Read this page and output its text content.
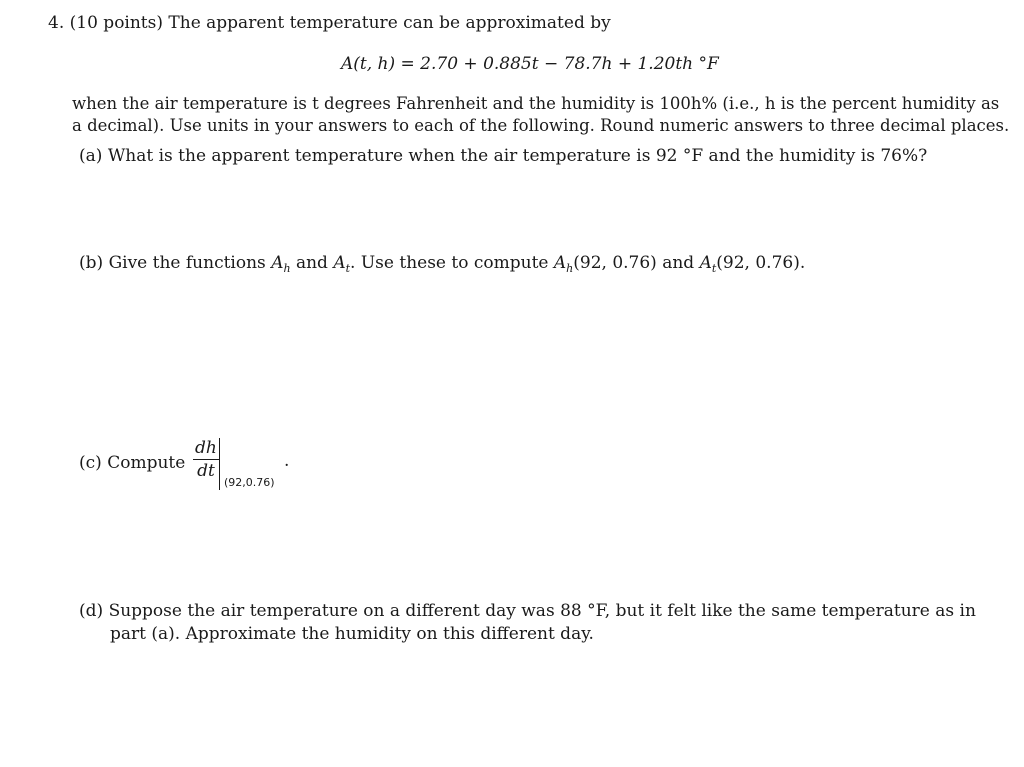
4. (10 points) The apparent temperature can be approximated by
A(t, h) = 2.70 + 0.885t − 78.7h + 1.20th °F
when the air temperature is t degrees Fahrenheit and the humidity is 100h% (i.e., h is the percent humidity as
a decimal). Use units in your answers to each of the following. Round numeric answers to three decimal places.
(a) What is the apparent temperature when the air temperature is 92 °F and the humidity is 76%?
(b) Give the functions $A_h$ and $A_t$. Use these to compute $A_h(92$, 0.76) and $A_t(92$, 0.76).
(c) Compute
dh
dt
(92,0.76)
.
(d) Suppose the air temperature on a different day was 88 °F, but it felt like the same temperature as in
part (a). Approximate the humidity on this different day.
